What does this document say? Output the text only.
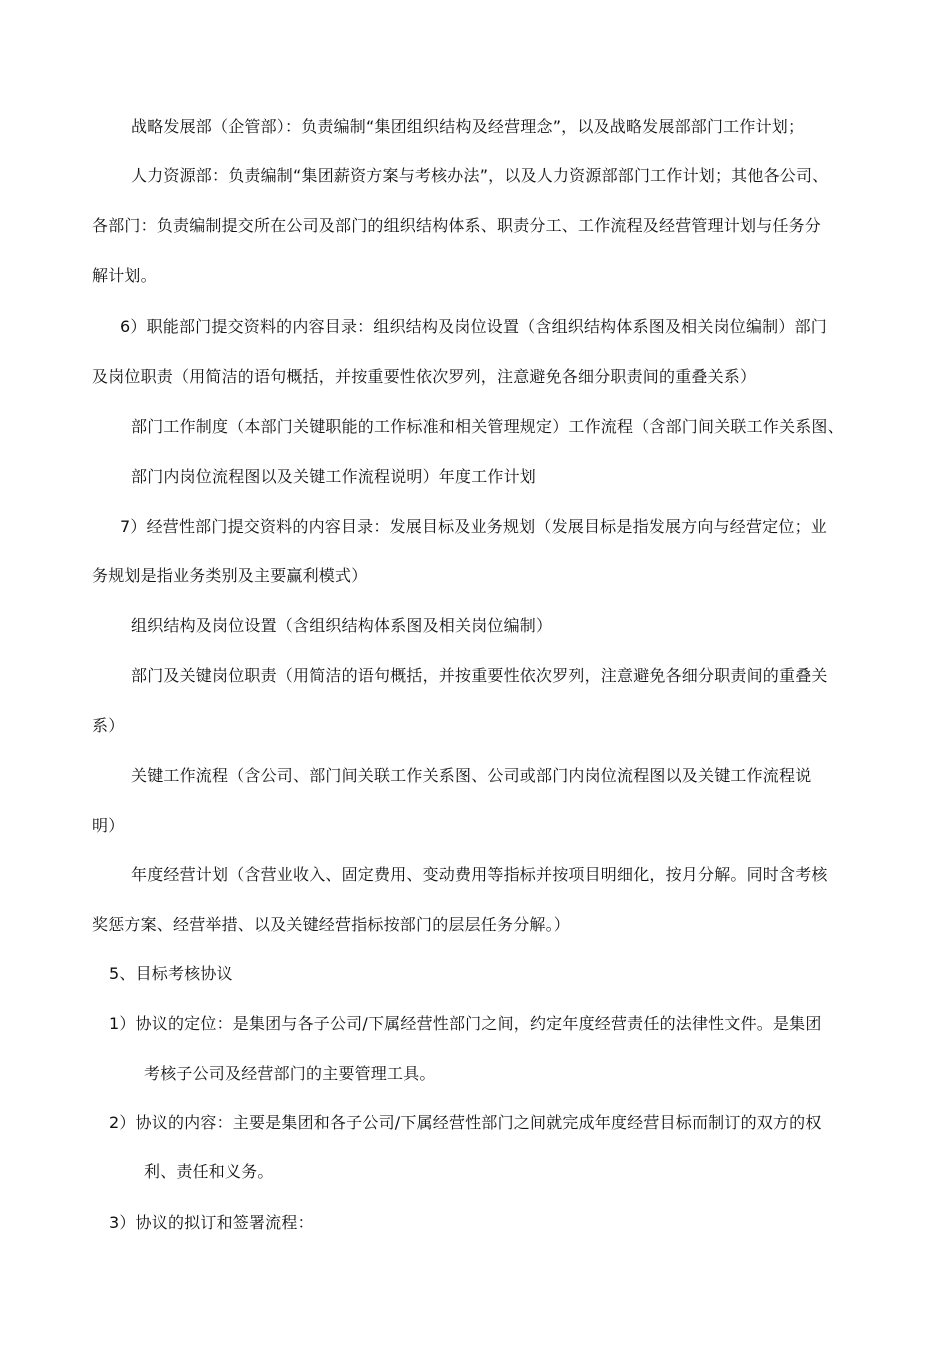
战略发展部（企管部）：负责编制“集团组织结构及经营理念”，以及战略发展部部门工作计划；
人力资源部：负责编制“集团薪资方案与考核办法”，以及人力资源部部门工作计划；其他各公司、
各部门：负责编制提交所在公司及部门的组织结构体系、职责分工、工作流程及经营管理计划与任务分
解计划。
6）职能部门提交资料的内容目录：组织结构及岗位设置（含组织结构体系图及相关岗位编制）部门
及岗位职责（用简洁的语句概括，并按重要性依次罗列，注意避免各细分职责间的重叠关系）
部门工作制度（本部门关键职能的工作标准和相关管理规定）工作流程（含部门间关联工作关系图、
部门内岗位流程图以及关键工作流程说明）年度工作计划
7）经营性部门提交资料的内容目录：发展目标及业务规划（发展目标是指发展方向与经营定位；业
务规划是指业务类别及主要赢利模式）
组织结构及岗位设置（含组织结构体系图及相关岗位编制）
部门及关键岗位职责（用简洁的语句概括，并按重要性依次罗列，注意避免各细分职责间的重叠关
系）
关键工作流程（含公司、部门间关联工作关系图、公司或部门内岗位流程图以及关键工作流程说
明）
年度经营计划（含营业收入、固定费用、变动费用等指标并按项目明细化，按月分解。同时含考核
奖惩方案、经营举措、以及关键经营指标按部门的层层任务分解。）
5、目标考核协议
1）协议的定位：是集团与各子公司/下属经营性部门之间，约定年度经营责任的法律性文件。是集团
考核子公司及经营部门的主要管理工具。
2）协议的内容：主要是集团和各子公司/下属经营性部门之间就完成年度经营目标而制订的双方的权
利、责任和义务。
3）协议的拟订和签署流程：
